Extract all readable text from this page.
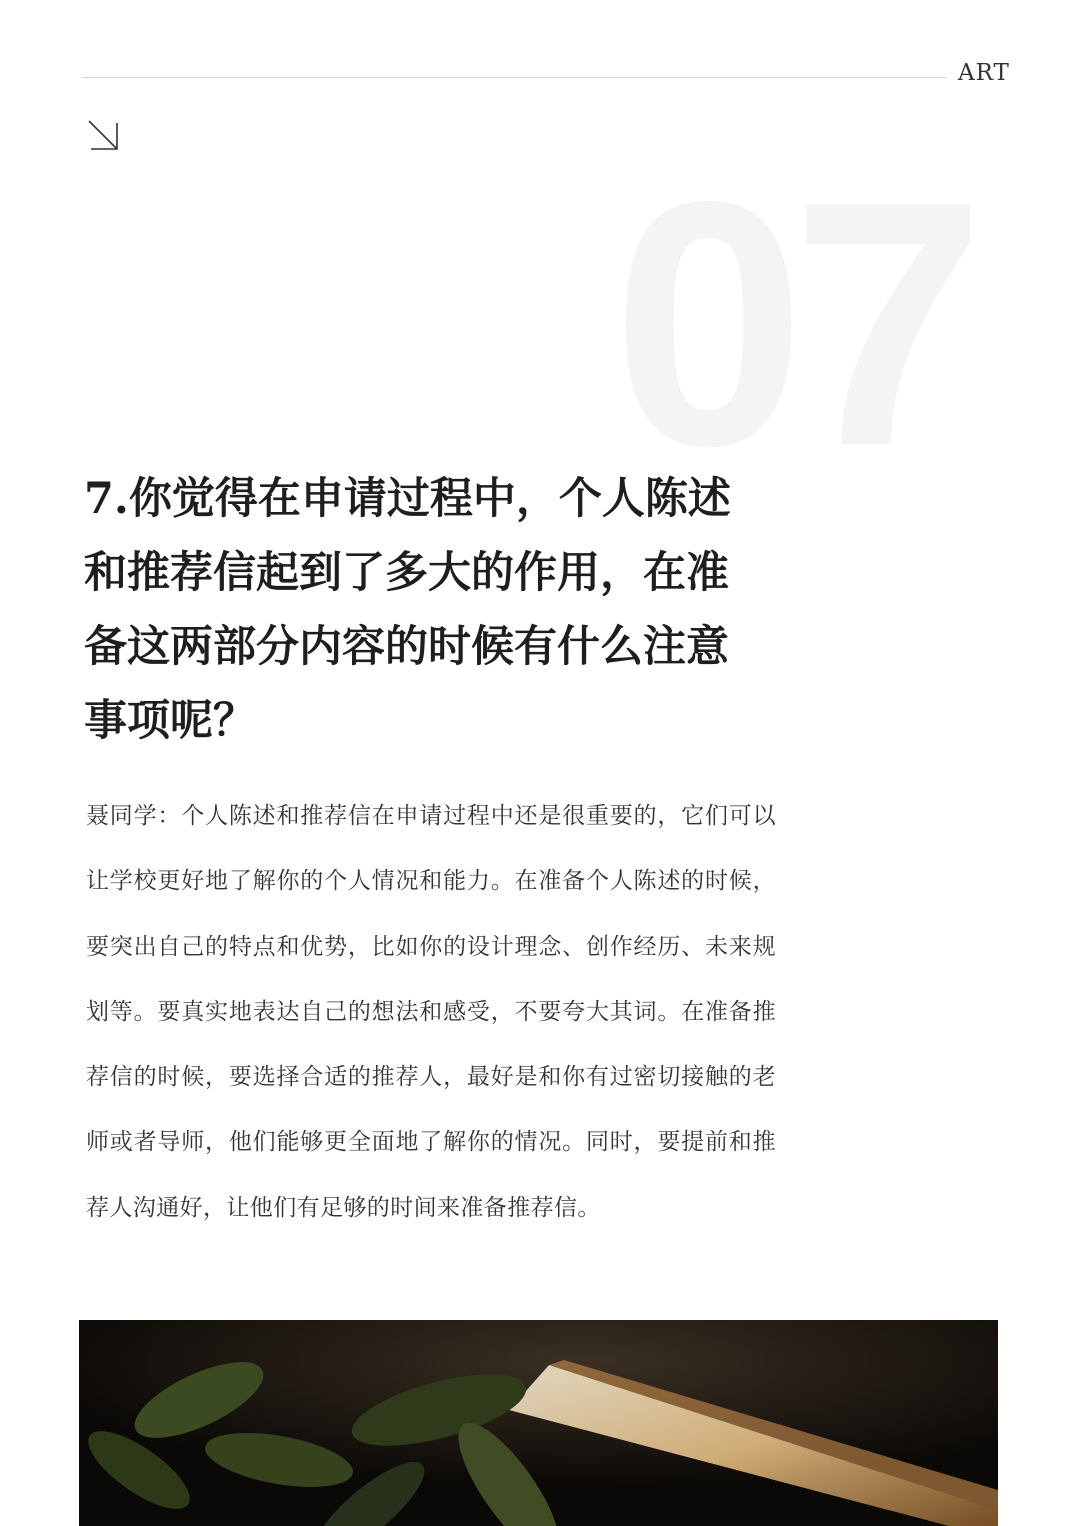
ART
07
7.你觉得在申请过程中，个人陈述和推荐信起到了多大的作用，在准备这两部分内容的时候有什么注意事项呢？

聂同学：个人陈述和推荐信在申请过程中还是很重要的，它们可以让学校更好地了解你的个人情况和能力。在准备个人陈述的时候，要突出自己的特点和优势，比如你的设计理念、创作经历、未来规划等。要真实地表达自己的想法和感受，不要夸大其词。在准备推荐信的时候，要选择合适的推荐人，最好是和你有过密切接触的老师或者导师，他们能够更全面地了解你的情况。同时，要提前和推荐人沟通好，让他们有足够的时间来准备推荐信。
